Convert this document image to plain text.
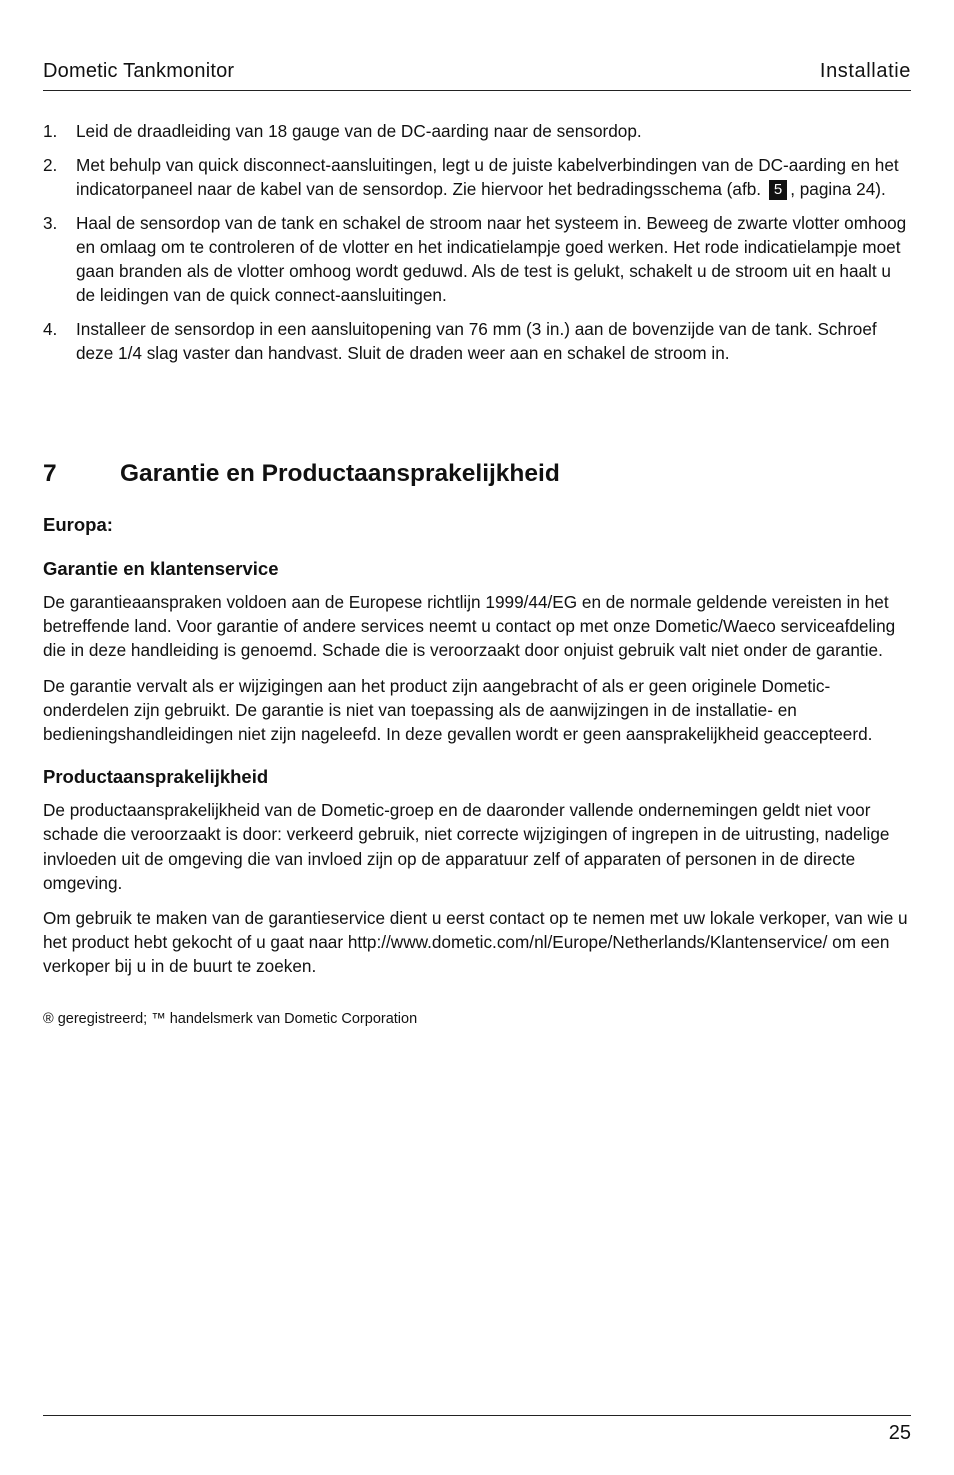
Dometic Tankmonitor	Installatie
1. Leid de draadleiding van 18 gauge van de DC-aarding naar de sensordop.
2. Met behulp van quick disconnect-aansluitingen, legt u de juiste kabelverbindingen van de DC-aarding en het indicatorpaneel naar de kabel van de sensordop. Zie hiervoor het bedradingsschema (afb. 5 , pagina 24).
3. Haal de sensordop van de tank en schakel de stroom naar het systeem in. Beweeg de zwarte vlotter omhoog en omlaag om te controleren of de vlotter en het indicatielampje goed werken. Het rode indicatielampje moet gaan branden als de vlotter omhoog wordt geduwd. Als de test is gelukt, schakelt u de stroom uit en haalt u de leidingen van de quick connect-aansluitingen.
4. Installeer de sensordop in een aansluitopening van 76 mm (3 in.) aan de bovenzijde van de tank. Schroef deze 1/4 slag vaster dan handvast. Sluit de draden weer aan en schakel de stroom in.
7	Garantie en Productaansprakelijkheid
Europa:
Garantie en klantenservice

De garantieaanspraken voldoen aan de Europese richtlijn 1999/44/EG en de normale geldende vereisten in het betreffende land. Voor garantie of andere services neemt u contact op met onze Dometic/Waeco serviceafdeling die in deze handleiding is genoemd. Schade die is veroorzaakt door onjuist gebruik valt niet onder de garantie.

De garantie vervalt als er wijzigingen aan het product zijn aangebracht of als er geen originele Dometic-onderdelen zijn gebruikt. De garantie is niet van toepassing als de aanwijzingen in de installatie- en bedieningshandleidingen niet zijn nageleefd. In deze gevallen wordt er geen aansprakelijkheid geaccepteerd.

Productaansprakelijkheid

De productaansprakelijkheid van de Dometic-groep en de daaronder vallende ondernemingen geldt niet voor schade die veroorzaakt is door: verkeerd gebruik, niet correcte wijzigingen of ingrepen in de uitrusting, nadelige invloeden uit de omgeving die van invloed zijn op de apparatuur zelf of apparaten of personen in de directe omgeving.

Om gebruik te maken van de garantieservice dient u eerst contact op te nemen met uw lokale verkoper, van wie u het product hebt gekocht of u gaat naar http://www.dometic.com/nl/Europe/Netherlands/Klantenservice/ om een verkoper bij u in de buurt te zoeken.

® geregistreerd; ™ handelsmerk van Dometic Corporation

25
